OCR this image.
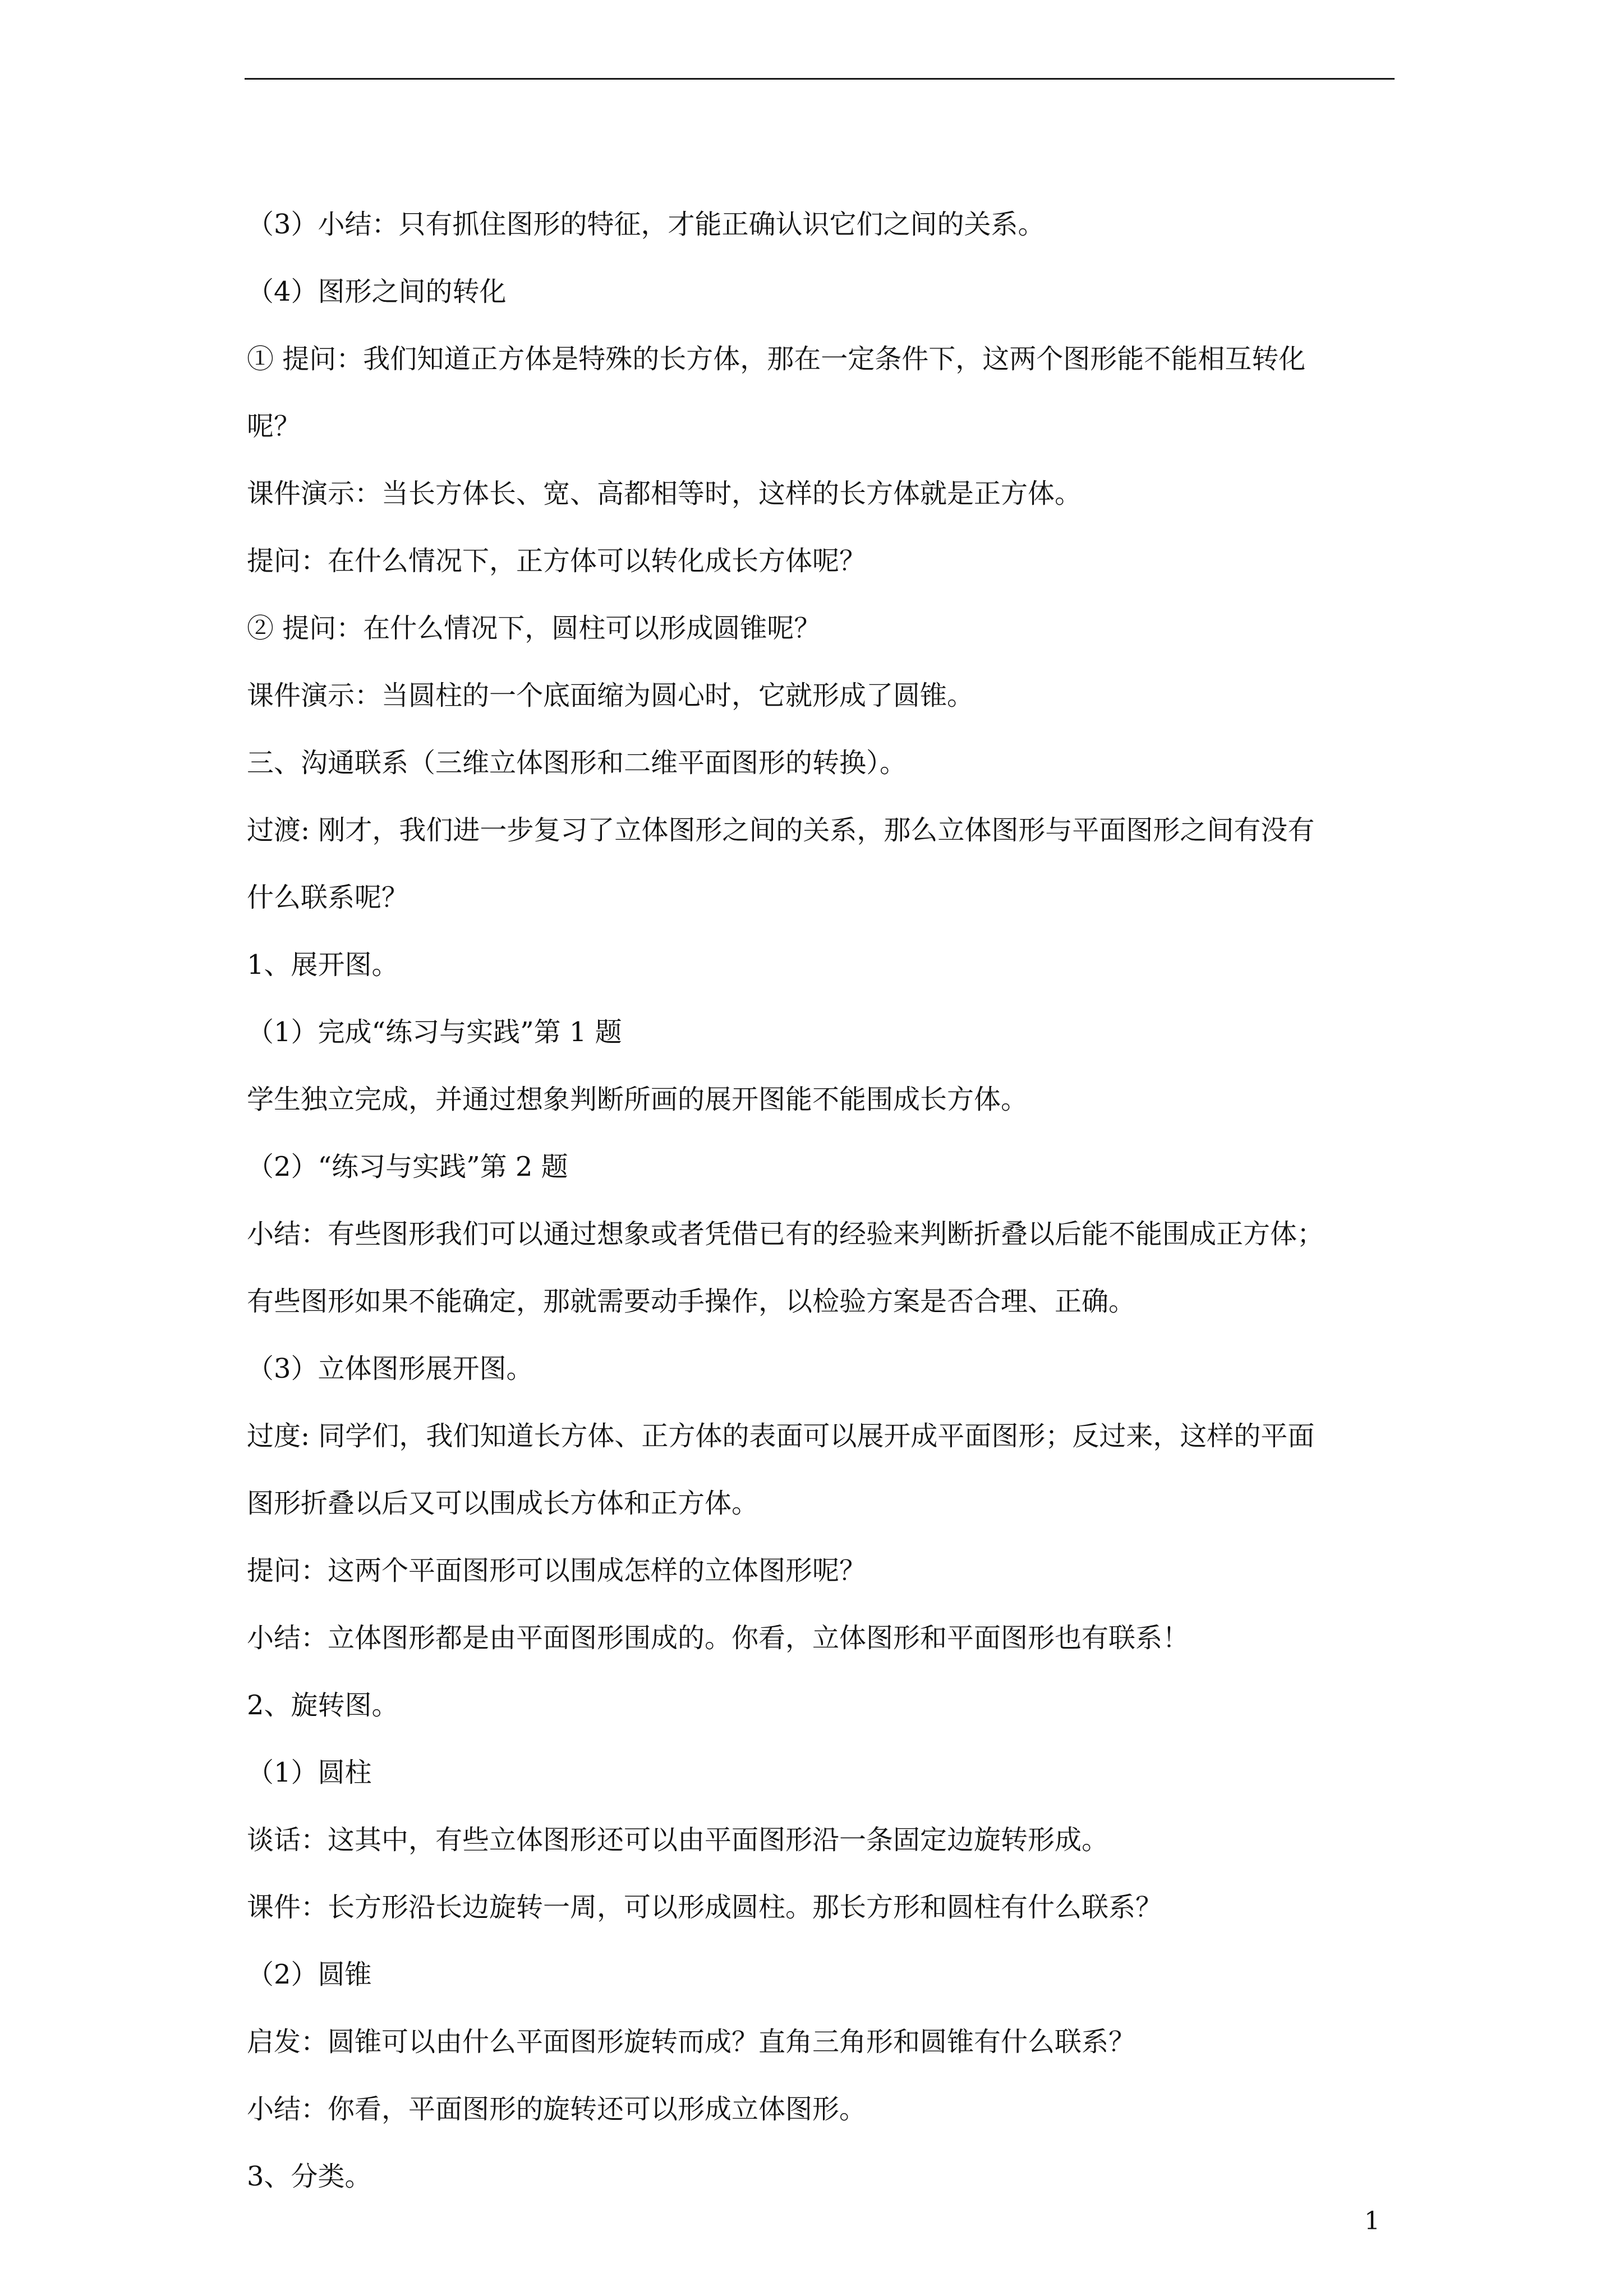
（3）小结：只有抓住图形的特征，才能正确认识它们之间的关系。
（4）图形之间的转化
① 提问：我们知道正方体是特殊的长方体，那在一定条件下，这两个图形能不能相互转化
呢？
课件演示：当长方体长、宽、高都相等时，这样的长方体就是正方体。
提问：在什么情况下，正方体可以转化成长方体呢？
② 提问：在什么情况下，圆柱可以形成圆锥呢？
课件演示：当圆柱的一个底面缩为圆心时，它就形成了圆锥。
三、沟通联系（三维立体图形和二维平面图形的转换）。
过渡: 刚才，我们进一步复习了立体图形之间的关系，那么立体图形与平面图形之间有没有
什么联系呢？
1、展开图。
（1）完成“练习与实践”第 1 题
学生独立完成，并通过想象判断所画的展开图能不能围成长方体。
（2）“练习与实践”第 2 题
小结：有些图形我们可以通过想象或者凭借已有的经验来判断折叠以后能不能围成正方体；
有些图形如果不能确定，那就需要动手操作，以检验方案是否合理、正确。
（3）立体图形展开图。
过度: 同学们，我们知道长方体、正方体的表面可以展开成平面图形；反过来，这样的平面
图形折叠以后又可以围成长方体和正方体。
提问：这两个平面图形可以围成怎样的立体图形呢？
小结：立体图形都是由平面图形围成的。你看，立体图形和平面图形也有联系！
2、旋转图。
（1）圆柱
谈话：这其中，有些立体图形还可以由平面图形沿一条固定边旋转形成。
课件：长方形沿长边旋转一周，可以形成圆柱。那长方形和圆柱有什么联系？
（2）圆锥
启发：圆锥可以由什么平面图形旋转而成？直角三角形和圆锥有什么联系？
小结：你看，平面图形的旋转还可以形成立体图形。
3、分类。
1
